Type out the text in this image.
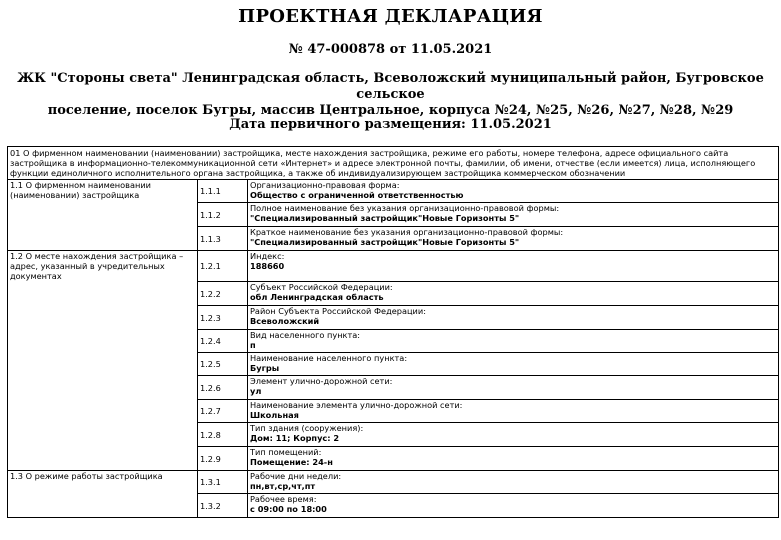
ПРОЕКТНАЯ ДЕКЛАРАЦИЯ
№ 47-000878 от 11.05.2021
ЖК "Стороны света" Ленинградская область, Всеволожский муниципальный район, Бугровское сельское
поселение, поселок Бугры, массив Центральное, корпуса №24, №25, №26, №27, №28, №29
Дата первичного размещения: 11.05.2021
01 О фирменном наименовании (наименовании) застройщика, месте нахождения застройщика, режиме его работы, номере телефона, адресе официального сайта застройщика в информационно-телекоммуникационной сети «Интернет» и адресе электронной почты, фамилии, об имени, отчестве (если имеется) лица, исполняющего функции единоличного исполнительного органа застройщика, а также об индивидуализирующем застройщика коммерческом обозначении		
1.1 О фирменном наименовании (наименовании) застройщика	1.1.1	Организационно-правовая форма:
Общество с ограниченной ответственностью

	1.1.2	Полное наименование без указания организационно-правовой формы:
"Специализированный застройщик"Новые Горизонты 5"

	1.1.3	Краткое наименование без указания организационно-правовой формы:
"Специализированный застройщик"Новые Горизонты 5"

1.2 О месте нахождения застройщика – адрес, указанный в учредительных документах	1.2.1	Индекс:
188660

	1.2.2	Субъект Российской Федерации:
обл Ленинградская область

	1.2.3	Район Субъекта Российской Федерации:
Всеволожский

	1.2.4	Вид населенного пункта:
п

	1.2.5	Наименование населенного пункта:
Бугры

	1.2.6	Элемент улично-дорожной сети:
ул

	1.2.7	Наименование элемента улично-дорожной сети:
Школьная

	1.2.8	Тип здания (сооружения):
Дом: 11; Корпус: 2

	1.2.9	Тип помещений:
Помещение: 24-н

1.3 О режиме работы застройщика	1.3.1	Рабочие дни недели:
пн,вт,ср,чт,пт

	1.3.2	Рабочее время:
с 09:00 по 18:00
